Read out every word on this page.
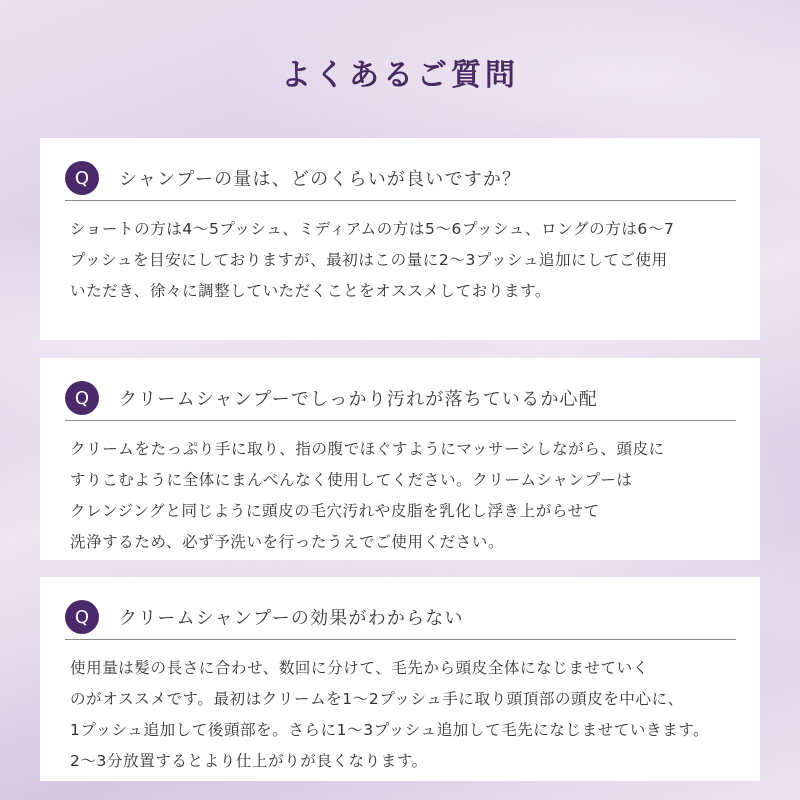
よくあるご質問
Q	シャンプーの量は、どのくらいが良いですか？
ショートの方は4〜5プッシュ、ミディアムの方は5〜6プッシュ、ロングの方は6〜7
プッシュを目安にしておりますが、最初はこの量に2〜3プッシュ追加にしてご使用
いただき、徐々に調整していただくことをオススメしております。
Q	クリームシャンプーでしっかり汚れが落ちているか心配
クリームをたっぷり手に取り、指の腹でほぐすようにマッサーシしながら、頭皮に
すりこむように全体にまんべんなく使用してください。クリームシャンプーは
クレンジングと同じように頭皮の毛穴汚れや皮脂を乳化し浮き上がらせて
洗浄するため、必ず予洗いを行ったうえでご使用ください。
Q	クリームシャンプーの効果がわからない
使用量は髪の長さに合わせ、数回に分けて、毛先から頭皮全体になじませていく
のがオススメです。最初はクリームを1〜2プッシュ手に取り頭頂部の頭皮を中心に、
1プッシュ追加して後頭部を。さらに1〜3プッシュ追加して毛先になじませていきます。
2〜3分放置するとより仕上がりが良くなります。
